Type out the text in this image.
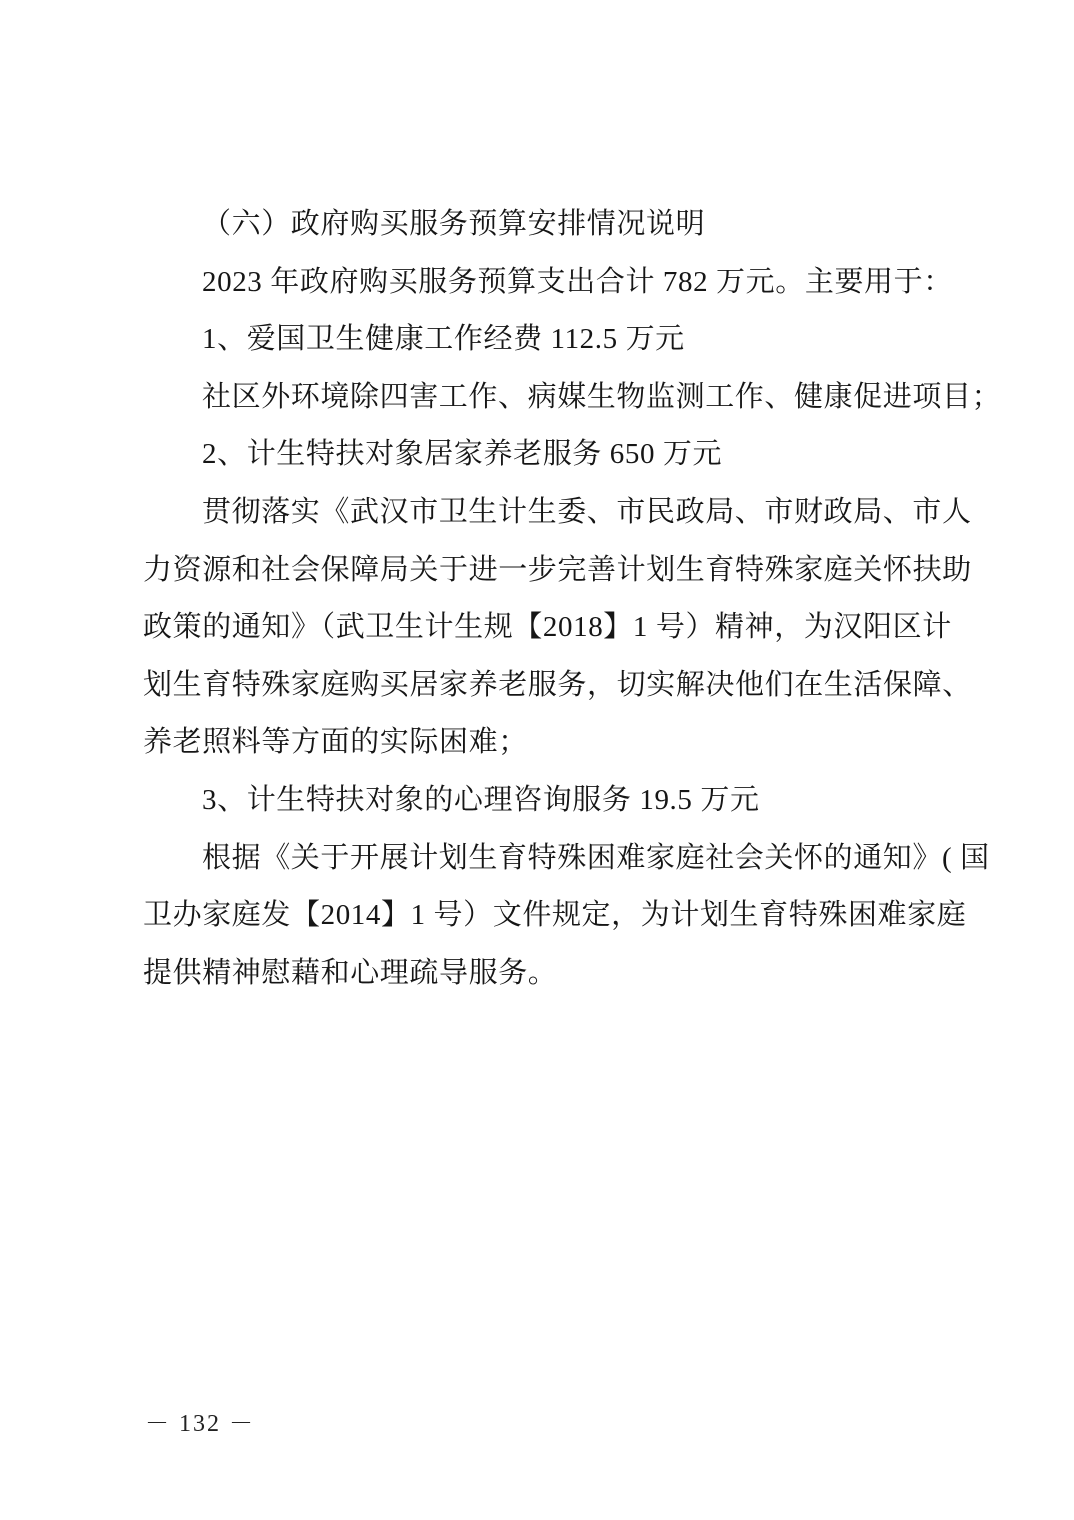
（六）政府购买服务预算安排情况说明
2023 年政府购买服务预算支出合计 782 万元。主要用于：
1、爱国卫生健康工作经费 112.5 万元
社区外环境除四害工作、病媒生物监测工作、健康促进项目；
2、计生特扶对象居家养老服务 650 万元
贯彻落实《武汉市卫生计生委、市民政局、市财政局、市人
力资源和社会保障局关于进一步完善计划生育特殊家庭关怀扶助
政策的通知》（武卫生计生规【2018】1 号）精神，为汉阳区计
划生育特殊家庭购买居家养老服务，切实解决他们在生活保障、
养老照料等方面的实际困难；
3、计生特扶对象的心理咨询服务 19.5 万元
根据《关于开展计划生育特殊困难家庭社会关怀的通知》( 国
卫办家庭发【2014】1 号）文件规定，为计划生育特殊困难家庭
提供精神慰藉和心理疏导服务。
－ 132 －
